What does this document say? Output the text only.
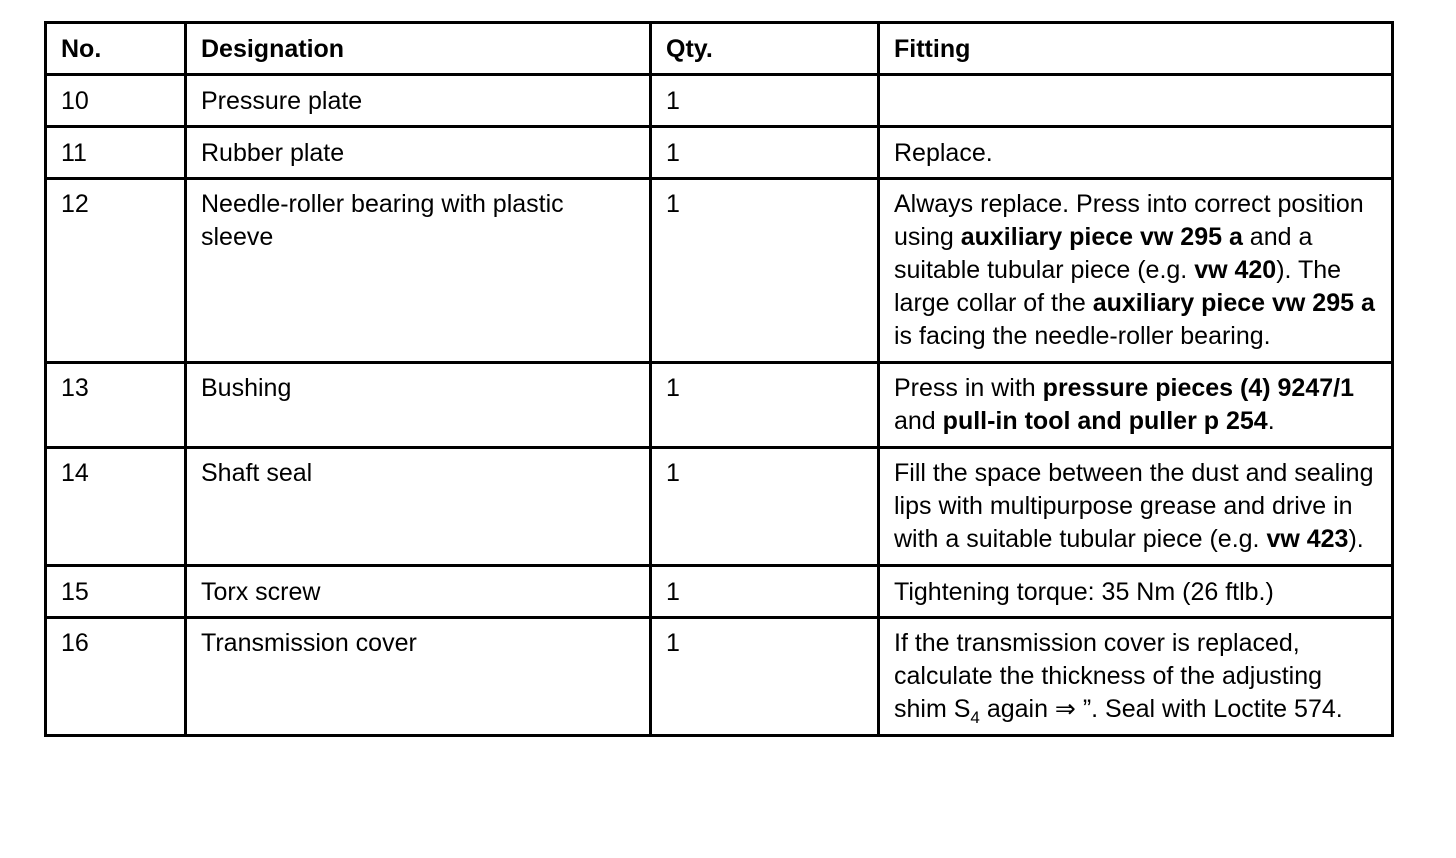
No.	Designation	Qty.	Fitting
10	Pressure plate	1	
11	Rubber plate	1	Replace.
12	Needle-roller bearing with plastic sleeve	1	Always replace. Press into correct position using auxiliary piece vw 295 a and a suitable tubular piece (e.g. vw 420). The large collar of the auxiliary piece vw 295 a is facing the needle-roller bearing.
13	Bushing	1	Press in with pressure pieces (4) 9247/1 and pull-in tool and puller p 254.
14	Shaft seal	1	Fill the space between the dust and sealing lips with multipurpose grease and drive in with a suitable tubular piece (e.g. vw 423).
15	Torx screw	1	Tightening torque: 35 Nm (26 ftlb.)
16	Transmission cover	1	If the transmission cover is replaced, calculate the thickness of the adjusting shim $S_4$ again ⇒ ”. Seal with Loctite 574.
